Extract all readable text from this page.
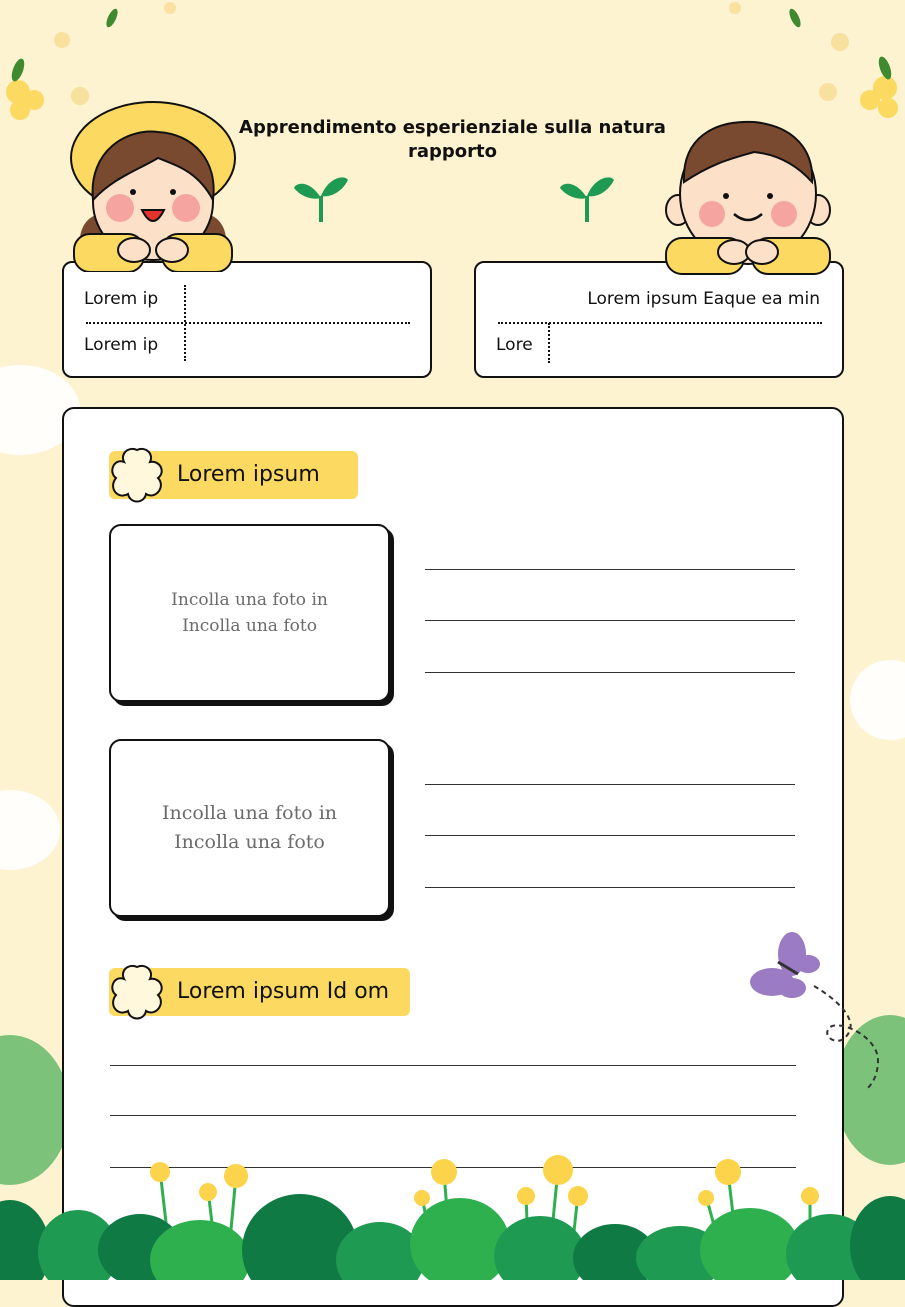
Apprendimento esperienziale sulla natura rapporto
Lorem ip
Lorem ip
Lorem ipsum Eaque ea min
Lore
Lorem ipsum
Incolla una foto in Incolla una foto
Incolla una foto in Incolla una foto
Lorem ipsum Id om
